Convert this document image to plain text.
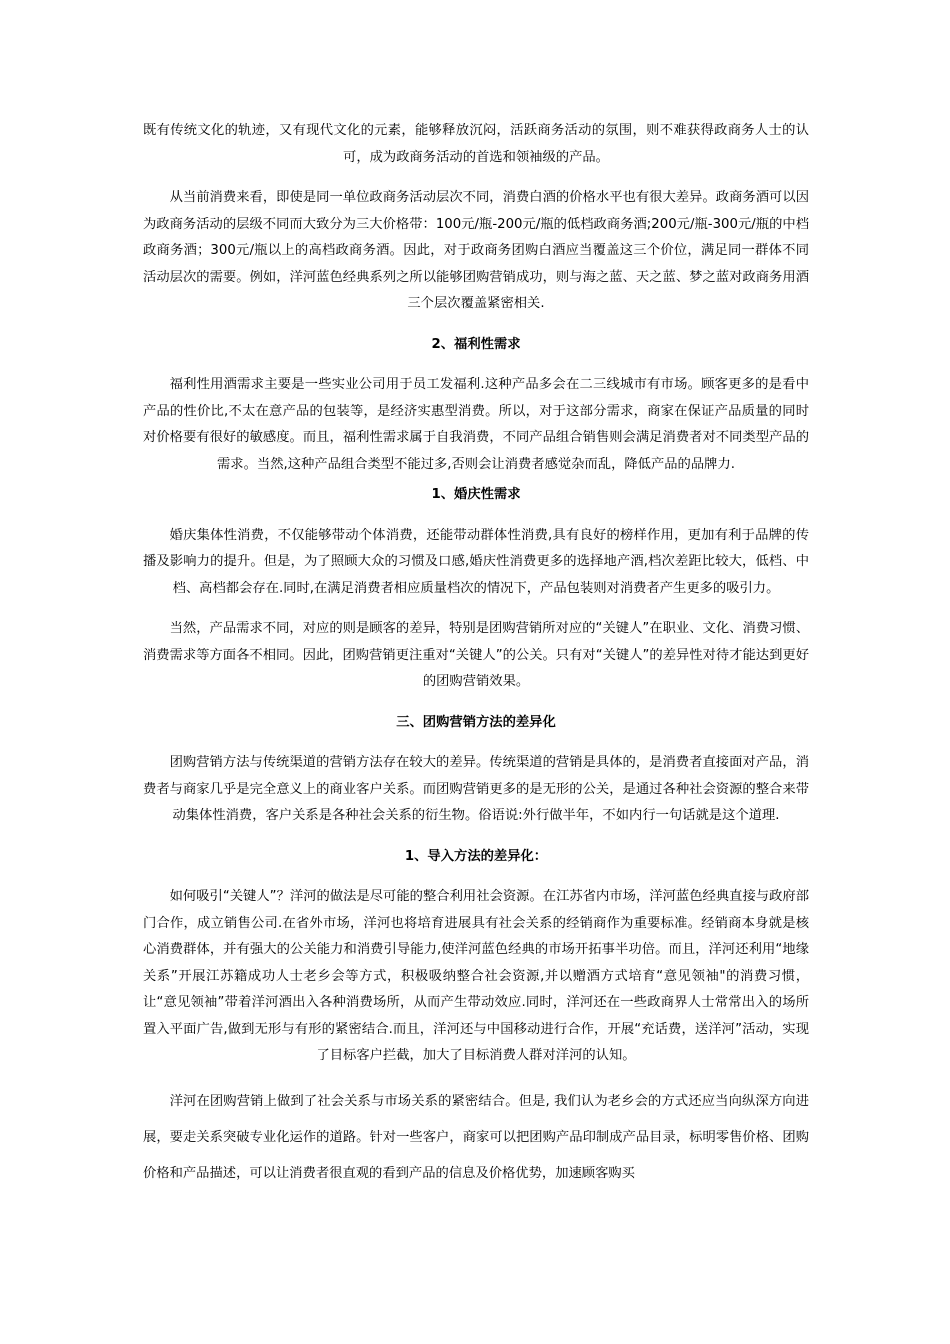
既有传统文化的轨迹，又有现代文化的元素，能够释放沉闷，活跃商务活动的氛围，则不难获得政商务人士的认可，成为政商务活动的首选和领袖级的产品。

从当前消费来看，即使是同一单位政商务活动层次不同，消费白酒的价格水平也有很大差异。政商务酒可以因为政商务活动的层级不同而大致分为三大价格带：100元/瓶-200元/瓶的低档政商务酒;200元/瓶-300元/瓶的中档政商务酒；300元/瓶以上的高档政商务酒。因此，对于政商务团购白酒应当覆盖这三个价位，满足同一群体不同活动层次的需要。例如，洋河蓝色经典系列之所以能够团购营销成功，则与海之蓝、天之蓝、梦之蓝对政商务用酒三个层次覆盖紧密相关.

2、福利性需求

福利性用酒需求主要是一些实业公司用于员工发福利.这种产品多会在二三线城市有市场。顾客更多的是看中产品的性价比,不太在意产品的包装等，是经济实惠型消费。所以，对于这部分需求，商家在保证产品质量的同时对价格要有很好的敏感度。而且，福利性需求属于自我消费，不同产品组合销售则会满足消费者对不同类型产品的需求。当然,这种产品组合类型不能过多,否则会让消费者感觉杂而乱，降低产品的品牌力.

1、婚庆性需求

婚庆集体性消费，不仅能够带动个体消费，还能带动群体性消费,具有良好的榜样作用，更加有利于品牌的传播及影响力的提升。但是，为了照顾大众的习惯及口感,婚庆性消费更多的选择地产酒,档次差距比较大，低档、中档、高档都会存在.同时,在满足消费者相应质量档次的情况下，产品包装则对消费者产生更多的吸引力。

当然，产品需求不同，对应的则是顾客的差异，特别是团购营销所对应的“关键人”在职业、文化、消费习惯、消费需求等方面各不相同。因此，团购营销更注重对“关键人”的公关。只有对“关键人”的差异性对待才能达到更好的团购营销效果。

三、团购营销方法的差异化

团购营销方法与传统渠道的营销方法存在较大的差异。传统渠道的营销是具体的，是消费者直接面对产品，消费者与商家几乎是完全意义上的商业客户关系。而团购营销更多的是无形的公关，是通过各种社会资源的整合来带动集体性消费，客户关系是各种社会关系的衍生物。俗语说:外行做半年，不如内行一句话就是这个道理.

1、导入方法的差异化：

如何吸引“关键人”？洋河的做法是尽可能的整合利用社会资源。在江苏省内市场，洋河蓝色经典直接与政府部门合作，成立销售公司.在省外市场，洋河也将培育进展具有社会关系的经销商作为重要标准。经销商本身就是核心消费群体，并有强大的公关能力和消费引导能力,使洋河蓝色经典的市场开拓事半功倍。而且，洋河还利用“地缘关系”开展江苏籍成功人士老乡会等方式，积极吸纳整合社会资源,并以赠酒方式培育“意见领袖"的消费习惯，让“意见领袖”带着洋河酒出入各种消费场所，从而产生带动效应.同时，洋河还在一些政商界人士常常出入的场所置入平面广告,做到无形与有形的紧密结合.而且，洋河还与中国移动进行合作，开展“充话费，送洋河”活动，实现了目标客户拦截，加大了目标消费人群对洋河的认知。

洋河在团购营销上做到了社会关系与市场关系的紧密结合。但是, 我们认为老乡会的方式还应当向纵深方向进展，要走关系突破专业化运作的道路。针对一些客户，商家可以把团购产品印制成产品目录，标明零售价格、团购价格和产品描述，可以让消费者很直观的看到产品的信息及价格优势，加速顾客购买
